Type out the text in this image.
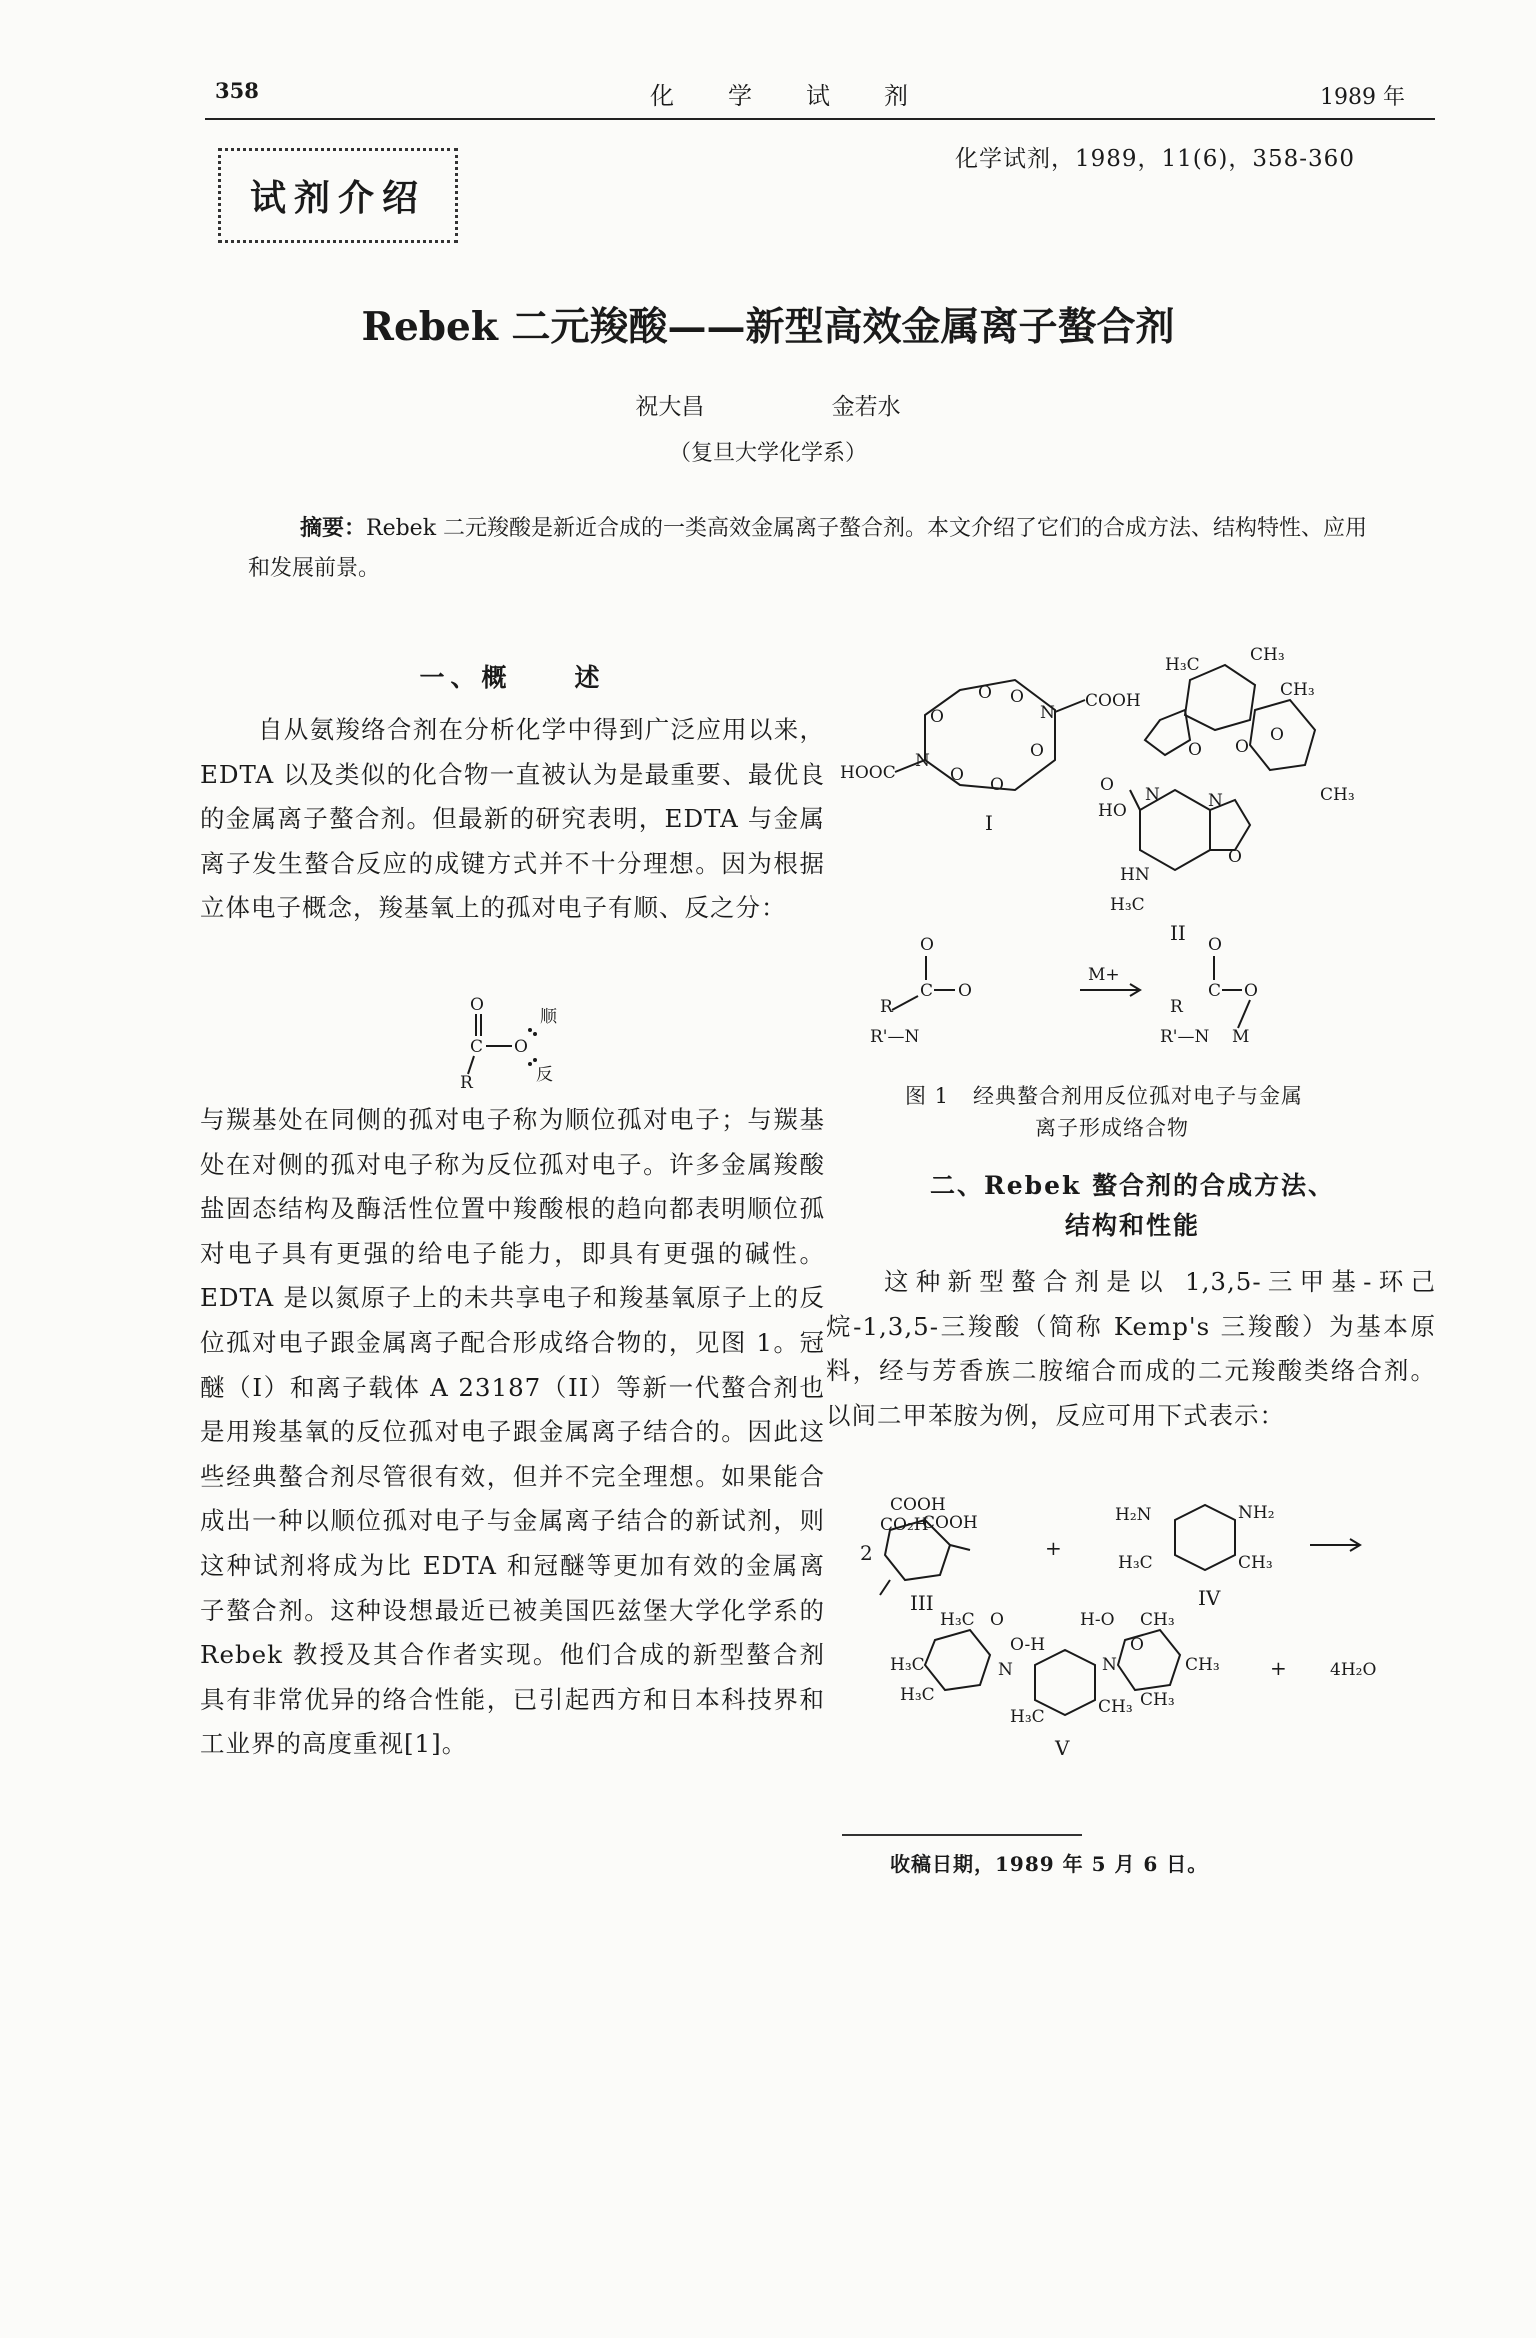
358	化　　学　　试　　剂	1989 年
化学试剂，1989，11(6)，358-360
试剂介绍
Rebek 二元羧酸——新型高效金属离子螯合剂
祝大昌 金若水
（复旦大学化学系）
摘要：Rebek 二元羧酸是新近合成的一类高效金属离子螯合剂。本文介绍了它们的合成方法、结构特性、应用和发展前景。
一、概　　述
自从氨羧络合剂在分析化学中得到广泛应用以来，EDTA 以及类似的化合物一直被认为是最重要、最优良的金属离子螯合剂。但最新的研究表明，EDTA 与金属离子发生螯合反应的成键方式并不十分理想。因为根据立体电子概念，羧基氧上的孤对电子有顺、反之分：
O
C O
顺
反
R
与羰基处在同侧的孤对电子称为顺位孤对电子；与羰基处在对侧的孤对电子称为反位孤对电子。许多金属羧酸盐固态结构及酶活性位置中羧酸根的趋向都表明顺位孤对电子具有更强的给电子能力，即具有更强的碱性。EDTA 是以氮原子上的未共享电子和羧基氧原子上的反位孤对电子跟金属离子配合形成络合物的，见图 1。冠醚（I）和离子载体 A 23187（II）等新一代螯合剂也是用羧基氧的反位孤对电子跟金属离子结合的。因此这些经典螯合剂尽管很有效，但并不完全理想。如果能合成出一种以顺位孤对电子与金属离子结合的新试剂，则这种试剂将成为比 EDTA 和冠醚等更加有效的金属离子螯合剂。这种设想最近已被美国匹兹堡大学化学系的 Rebek 教授及其合作者实现。他们合成的新型螯合剂具有非常优异的络合性能，已引起西方和日本科技界和工业界的高度重视[1]。
O O
O
O
O
O	N
N
COOH
HOOC
I
O
H₃C	CH₃
CH₃
CH₃
O
O
N
O
O
HO
N
HN
H₃C
II
O
C O
R
R'—N
M+
O
C O
R
R'—N M
图 1 经典螯合剂用反位孤对电子与金属
离子形成络合物
二、Rebek 螯合剂的合成方法、
结构和性能
这种新型螯合剂是以 1,3,5-三甲基-环己烷-1,3,5-三羧酸（简称 Kemp's 三羧酸）为基本原料，经与芳香族二胺缩合而成的二元羧酸类络合剂。以间二甲苯胺为例，反应可用下式表示：
2
COOH
COOH
CO₂H
III
+
H₂N	NH₂
H₃C	CH₃
IV
H₃C O
O-H
H₃C
H₃C
N
H₃C	CH₃
N
H-O CH₃
CH₃
CH₃
O
V
+	4H₂O
收稿日期，1989 年 5 月 6 日。
